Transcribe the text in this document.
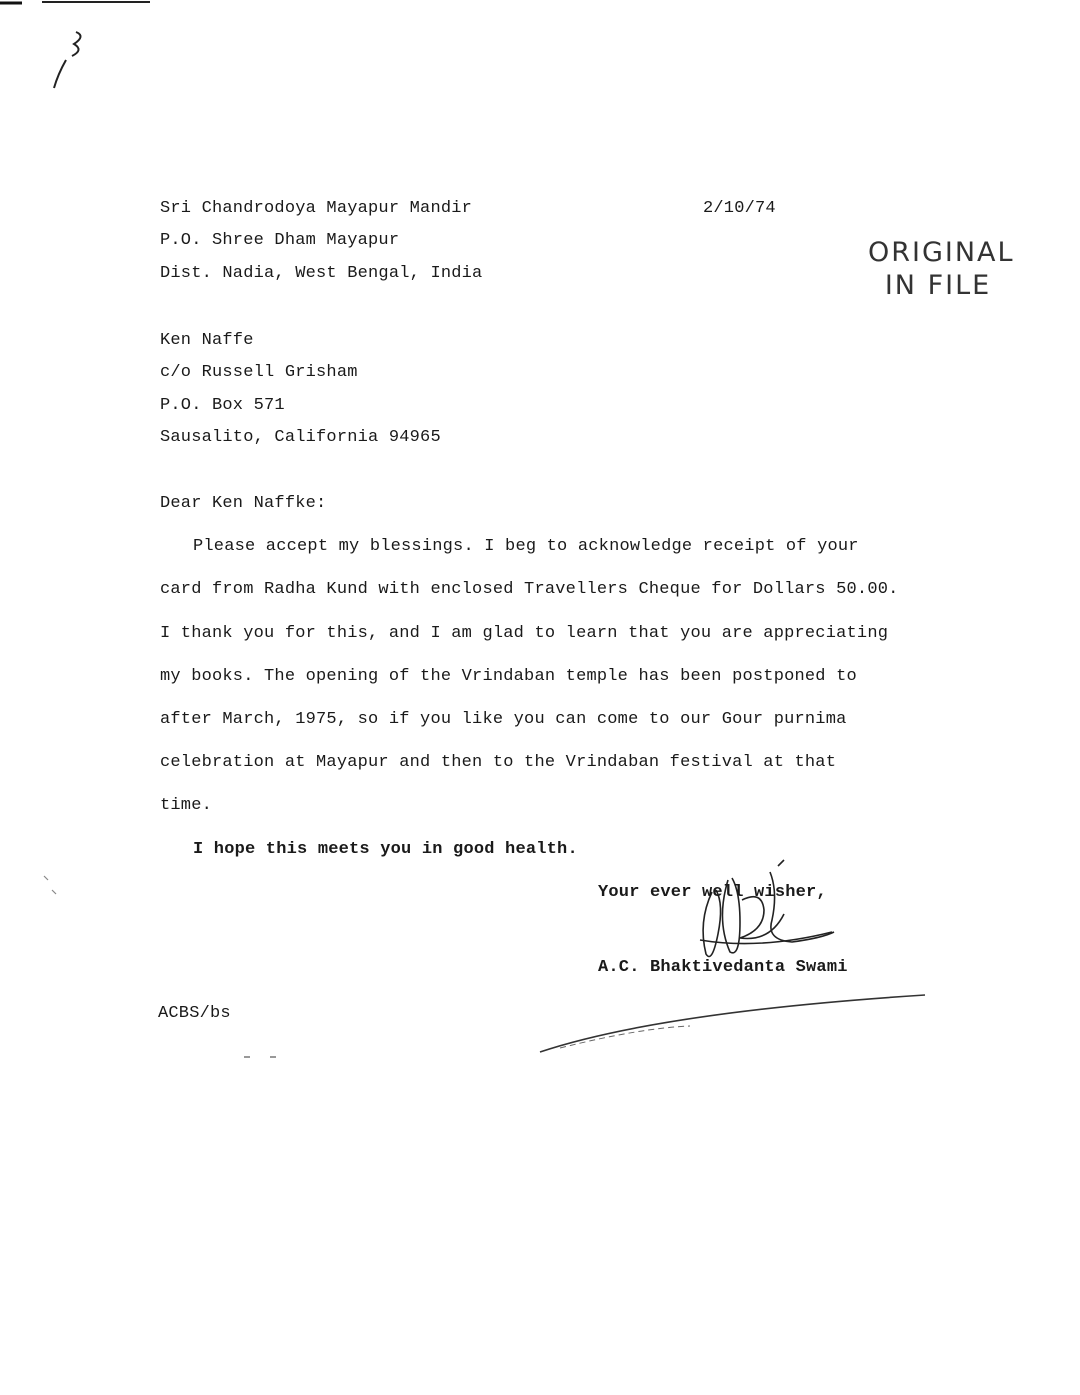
Sri Chandrodoya Mayapur Mandir
P.O. Shree Dham Mayapur
Dist. Nadia, West Bengal, India
2/10/74
ORIGINAL
IN FILE
Ken Naffe
c/o Russell Grisham
P.O. Box 571
Sausalito, California 94965
Dear Ken Naffke:
Please accept my blessings. I beg to acknowledge receipt of your
card from Radha Kund with enclosed Travellers Cheque for Dollars 50.00.
I thank you for this, and I am glad to learn that you are appreciating
my books. The opening of the Vrindaban temple has been postponed to
after March, 1975, so if you like you can come to our Gour purnima
celebration at Mayapur and then to the Vrindaban festival at that
time.
I hope this meets you in good health.
Your ever well wisher,
A.C. Bhaktivedanta Swami
ACBS/bs
